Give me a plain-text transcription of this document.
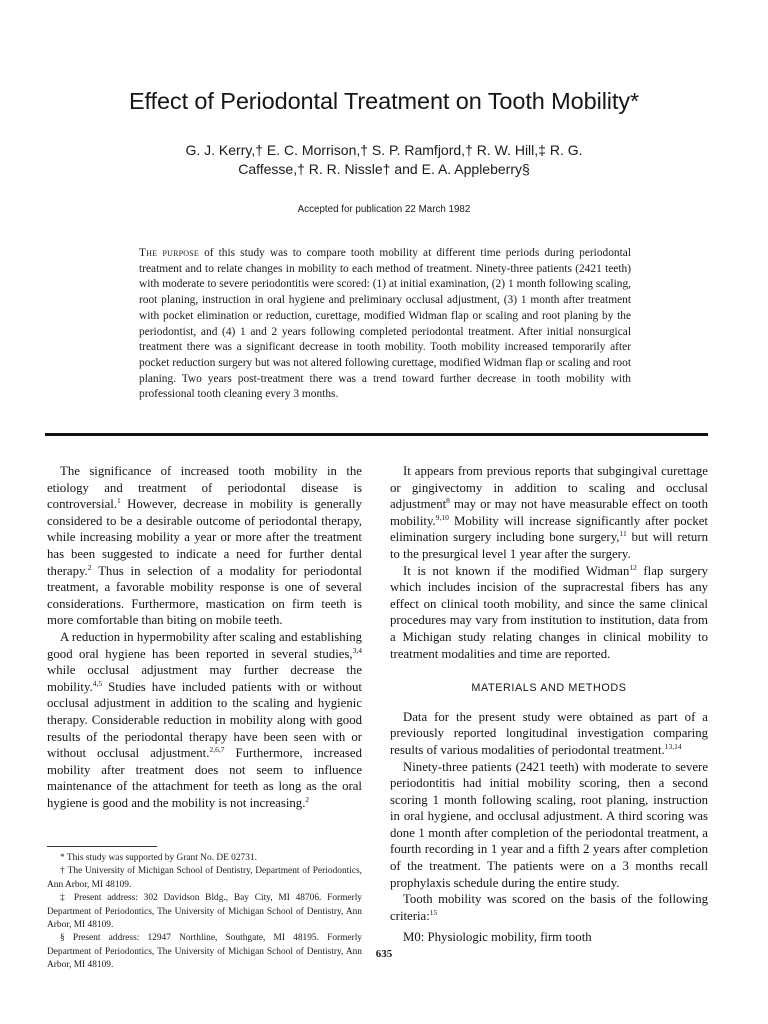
Effect of Periodontal Treatment on Tooth Mobility*
G. J. Kerry,† E. C. Morrison,† S. P. Ramfjord,† R. W. Hill,‡ R. G.
Caffesse,† R. R. Nissle† and E. A. Appleberry§
Accepted for publication 22 March 1982
The purpose of this study was to compare tooth mobility at different time periods during periodontal treatment and to relate changes in mobility to each method of treatment. Ninety-three patients (2421 teeth) with moderate to severe periodontitis were scored: (1) at initial examination, (2) 1 month following scaling, root planing, instruction in oral hygiene and preliminary occlusal adjustment, (3) 1 month after treatment with pocket elimination or reduction, curettage, modified Widman flap or scaling and root planing by the periodontist, and (4) 1 and 2 years following completed periodontal treatment. After initial nonsurgical treatment there was a significant decrease in tooth mobility. Tooth mobility increased temporarily after pocket reduction surgery but was not altered following curettage, modified Widman flap or scaling and root planing. Two years post-treatment there was a trend toward further decrease in tooth mobility with professional tooth cleaning every 3 months.

The significance of increased tooth mobility in the etiology and treatment of periodontal disease is controversial.$^1$ However, decrease in mobility is generally considered to be a desirable outcome of periodontal therapy, while increasing mobility a year or more after the treatment has been suggested to indicate a need for further dental therapy.$^2$ Thus in selection of a modality for periodontal treatment, a favorable mobility response is one of several considerations. Furthermore, mastication on firm teeth is more comfortable than biting on mobile teeth.

A reduction in hypermobility after scaling and establishing good oral hygiene has been reported in several studies,$^{3,4}$ while occlusal adjustment may further decrease the mobility.$^{4,5}$ Studies have included patients with or without occlusal adjustment in addition to the scaling and hygienic therapy. Considerable reduction in mobility along with good results of the periodontal therapy have been seen with or without occlusal adjustment.$^{2,6,7}$ Furthermore, increased mobility after treatment does not seem to influence maintenance of the attachment for teeth as long as the oral hygiene is good and the mobility is not increasing.$^2$

* This study was supported by Grant No. DE 02731.

† The University of Michigan School of Dentistry, Department of Periodontics, Ann Arbor, MI 48109.

‡ Present address: 302 Davidson Bldg., Bay City, MI 48706. Formerly Department of Periodontics, The University of Michigan School of Dentistry, Ann Arbor, MI 48109.

§ Present address: 12947 Northline, Southgate, MI 48195. Formerly Department of Periodontics, The University of Michigan School of Dentistry, Ann Arbor, MI 48109.

It appears from previous reports that subgingival curettage or gingivectomy in addition to scaling and occlusal adjustment$^8$ may or may not have measurable effect on tooth mobility.$^{9,10}$ Mobility will increase significantly after pocket elimination surgery including bone surgery,$^{11}$ but will return to the presurgical level 1 year after the surgery.

It is not known if the modified Widman$^{12}$ flap surgery which includes incision of the supracrestal fibers has any effect on clinical tooth mobility, and since the same clinical procedures may vary from institution to institution, data from a Michigan study relating changes in clinical mobility to treatment modalities and time are reported.

MATERIALS AND METHODS

Data for the present study were obtained as part of a previously reported longitudinal investigation comparing results of various modalities of periodontal treatment.$^{13,14}$

Ninety-three patients (2421 teeth) with moderate to severe periodontitis had initial mobility scoring, then a second scoring 1 month following scaling, root planing, instruction in oral hygiene, and occlusal adjustment. A third scoring was done 1 month after completion of the periodontal treatment, a fourth recording in 1 year and a fifth 2 years after completion of the treatment. The patients were on a 3 months recall prophylaxis schedule during the entire study.

Tooth mobility was scored on the basis of the following criteria:$^{15}$

M0: Physiologic mobility, firm tooth

635
